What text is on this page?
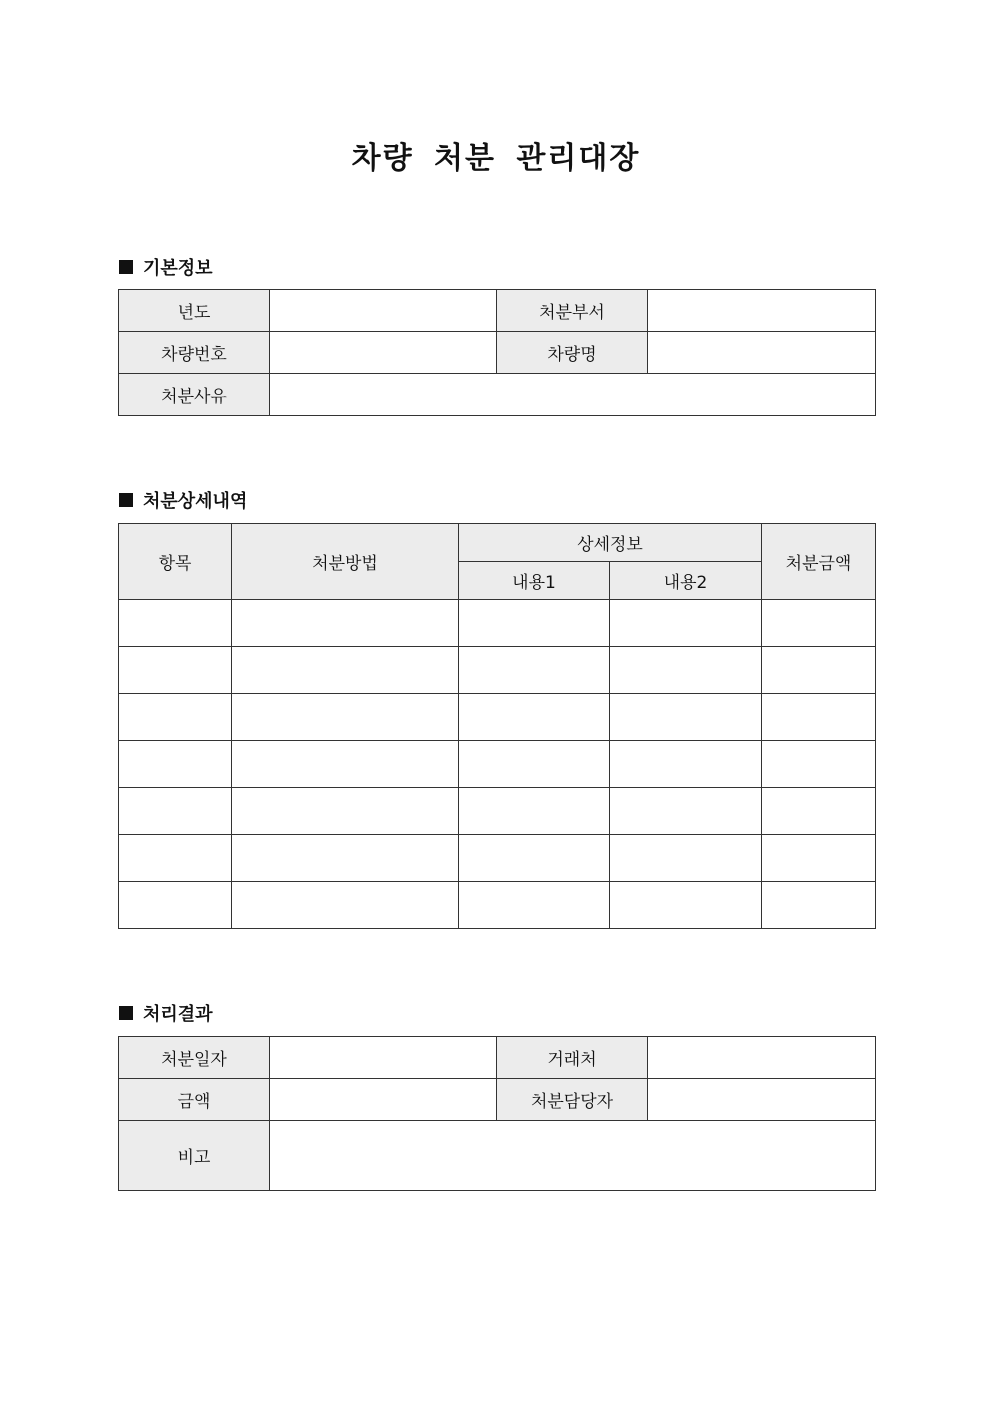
차량 처분 관리대장
기본정보
년도		처분부서	
차량번호		차량명	
처분사유			
처분상세내역
항목	처분방법	상세정보		처분금액
		내용1	내용2	

처리결과
처분일자		거래처	
금액		처분담당자	
비고			
